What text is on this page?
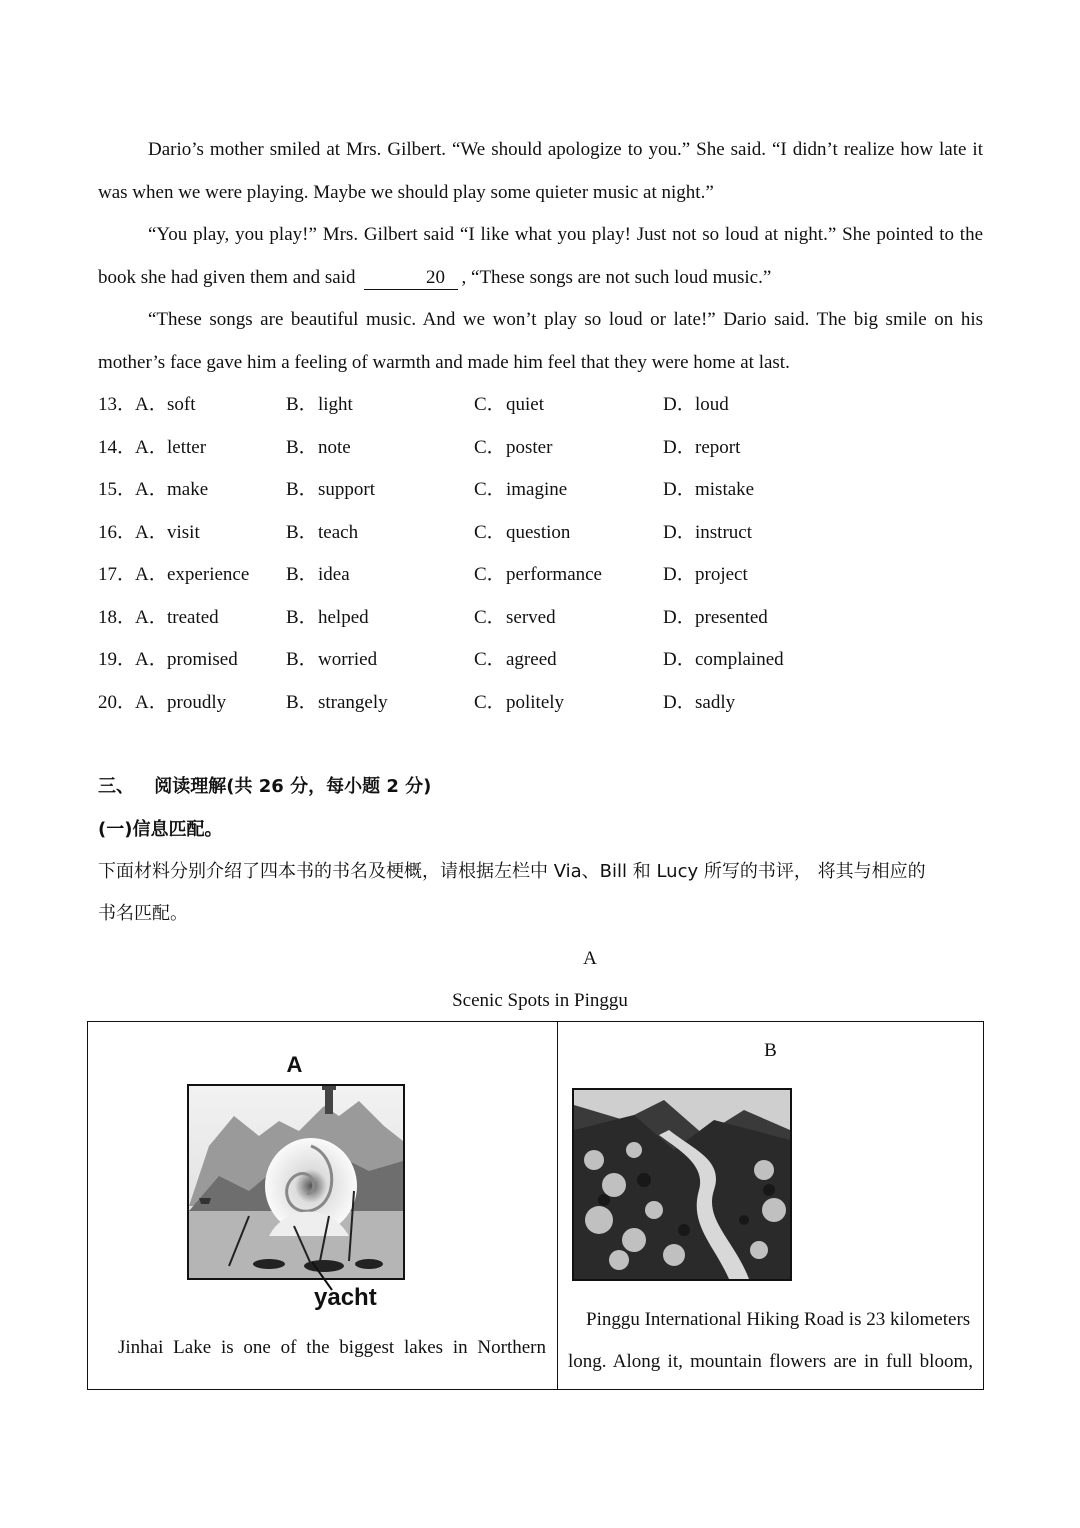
Dario’s mother smiled at Mrs. Gilbert. “We should apologize to you.” She said. “I didn’t realize how late it was when we were playing. Maybe we should play some quieter music at night.”

“You play, you play!” Mrs. Gilbert said “I like what you play! Just not so loud at night.” She pointed to the book she had given them and said	20 , “These songs are not such loud music.”

“These songs are beautiful music. And we won’t play so loud or late!” Dario said. The big smile on his mother’s face gave him a feeling of warmth and made him feel that they were home at last.

13．
A．soft	B．light	C．quiet	D．loud
14．
A．letter	B．note	C．poster	D．report
15．
A．make	B．support	C．imagine	D．mistake
16．
A．visit	B．teach	C．question	D．instruct
17．
A．experience B．idea	C．performance	D．project
18．
A．treated	B．helped	C．served	D．presented
19．
A．promised	B．worried	C．agreed	D．complained
20．
A．proudly	B．strangely	C．politely	D．sadly
三、 阅读理解(共 26 分，每小题 2 分)
(一)信息匹配。
下面材料分别介绍了四本书的书名及梗概，请根据左栏中 Via、Bill 和 Lucy 所写的书评， 将其与相应的
书名匹配。
A
Scenic Spots in Pinggu
A
yacht
Jinhai Lake is one of the biggest lakes in Northern

B
Pinggu International Hiking Road is 23 kilometers
long. Along it, mountain flowers are in full bloom,
